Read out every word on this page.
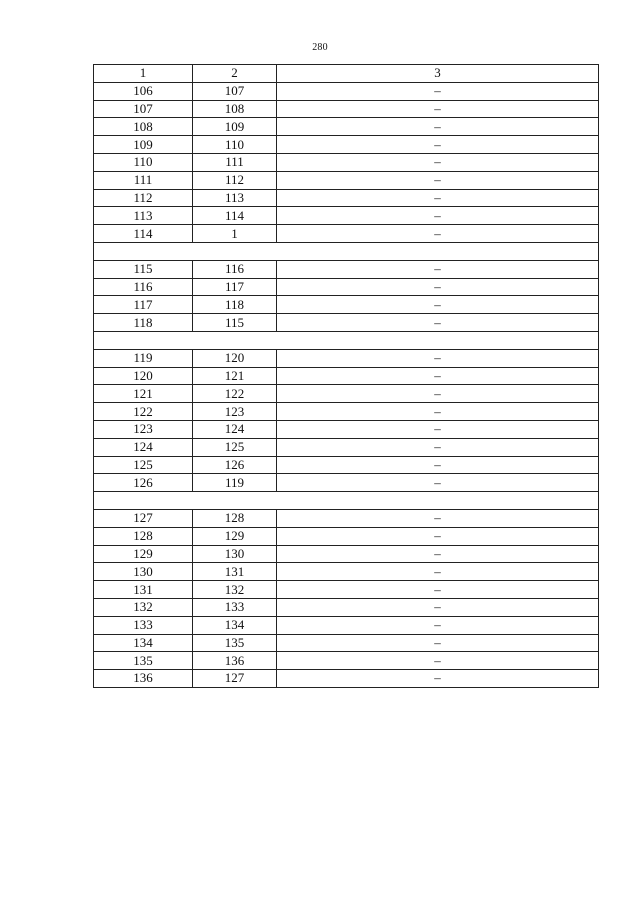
280
1	2	3
106	107	–
107	108	–
108	109	–
109	110	–
110	111	–
111	112	–
112	113	–
113	114	–
114	1	–

115	116	–
116	117	–
117	118	–
118	115	–

119	120	–
120	121	–
121	122	–
122	123	–
123	124	–
124	125	–
125	126	–
126	119	–

127	128	–
128	129	–
129	130	–
130	131	–
131	132	–
132	133	–
133	134	–
134	135	–
135	136	–
136	127	–
